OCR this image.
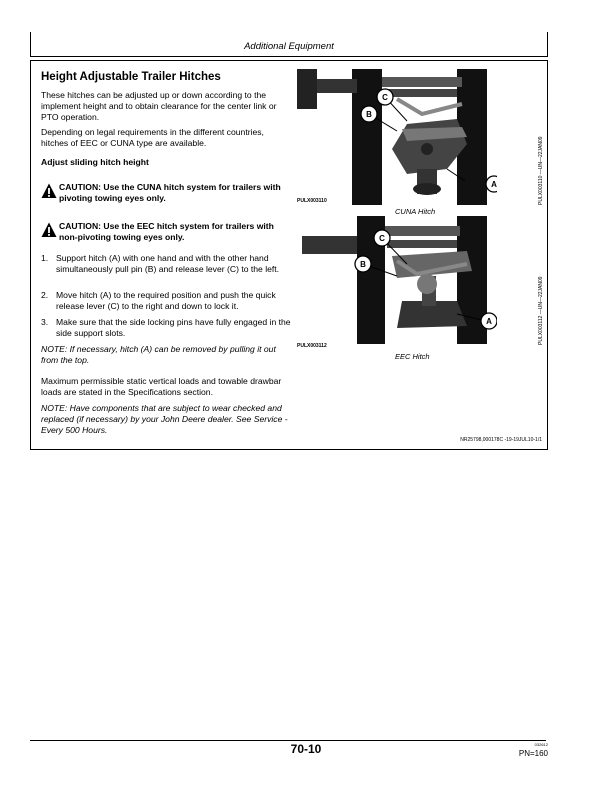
Additional Equipment
Height Adjustable Trailer Hitches
These hitches can be adjusted up or down according to the implement height and to obtain clearance for the center link or PTO operation.
Depending on legal requirements in the different countries, hitches of EEC or CUNA type are available.
Adjust sliding hitch height
CAUTION: Use the CUNA hitch system for trailers with pivoting towing eyes only.
CAUTION: Use the EEC hitch system for trailers with non-pivoting towing eyes only.
1. Support hitch (A) with one hand and with the other hand simultaneously pull pin (B) and release lever (C) to the left.
2. Move hitch (A) to the required position and push the quick release lever (C) to the right and down to lock it.
3. Make sure that the side locking pins have fully engaged in the side support slots.
NOTE: If necessary, hitch (A) can be removed by pulling it out from the top.
Maximum permissible static vertical loads and towable drawbar loads are stated in the Specifications section.
NOTE: Have components that are subject to wear checked and replaced (if necessary) by your John Deere dealer. See Service - Every 500 Hours.
C
B
A
PULX003110	PULX003110 —UN—22JAN09
CUNA Hitch
C
B
A
PULX003112
PULX003112 —UN—22JAN09
EEC Hitch
NR25798,000178C -19-19JUL10-1/1
70-10	032612
PN=160
